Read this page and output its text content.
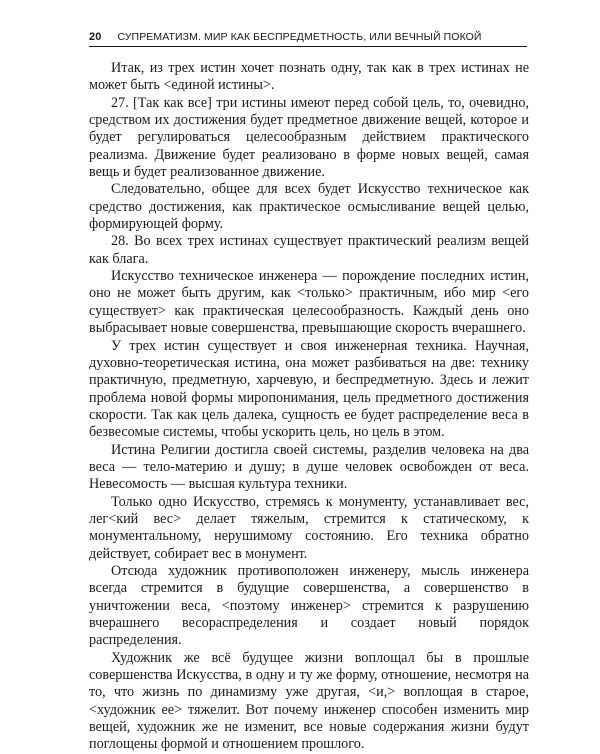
20 СУПРЕМАТИЗМ. МИР КАК БЕСПРЕДМЕТНОСТЬ, ИЛИ ВЕЧНЫЙ ПОКОЙ

Итак, из трех истин хочет познать одну, так как в трех истинах не может быть <единой истины>.

27. [Так как все] три истины имеют перед собой цель, то, очевидно, средством их достижения будет предметное движение вещей, которое и будет регулироваться целесообразным действием практического реализма. Движение будет реализовано в форме новых вещей, самая вещь и будет реализованное движение.

Следовательно, общее для всех будет Искусство техническое как средство достижения, как практическое осмысливание вещей целью, формирующей форму.

28. Во всех трех истинах существует практический реализм вещей как блага.

Искусство техническое инженера — порождение последних истин, оно не может быть другим, как <только> практичным, ибо мир <его существует> как практическая целесообразность. Каждый день оно выбрасывает новые совершенства, превышающие скорость вчерашнего.

У трех истин существует и своя инженерная техника. Научная, духовно-теоретическая истина, она может разбиваться на две: технику практичную, предметную, харчевую, и беспредметную. Здесь и лежит проблема новой формы миропонимания, цель предметного достижения скорости. Так как цель далека, сущность ее будет распределение веса в безвесомые системы, чтобы ускорить цель, но цель в этом.

Истина Религии достигла своей системы, разделив человека на два веса — тело-материю и душу; в душе человек освобожден от веса. Невесомость — высшая культура техники.

Только одно Искусство, стремясь к монументу, устанавливает вес, лег<кий вес> делает тяжелым, стремится к статическому, к монументальному, нерушимому состоянию. Его техника обратно действует, собирает вес в монумент.

Отсюда художник противоположен инженеру, мысль инженера всегда стремится в будущие совершенства, а совершенство в уничтожении веса, <поэтому инженер> стремится к разрушению вчерашнего весораспределения и создает новый порядок распределения.

Художник же всё будущее жизни воплощал бы в прошлые совершенства Искусства, в одну и ту же форму, отношение, несмотря на то, что жизнь по динамизму уже другая, <и,> воплощая в старое, <художник ее> тяжелит. Вот почему инженер способен изменить мир вещей, художник же не изменит, все новые содержания жизни будут поглощены формой и отношением прошлого.
